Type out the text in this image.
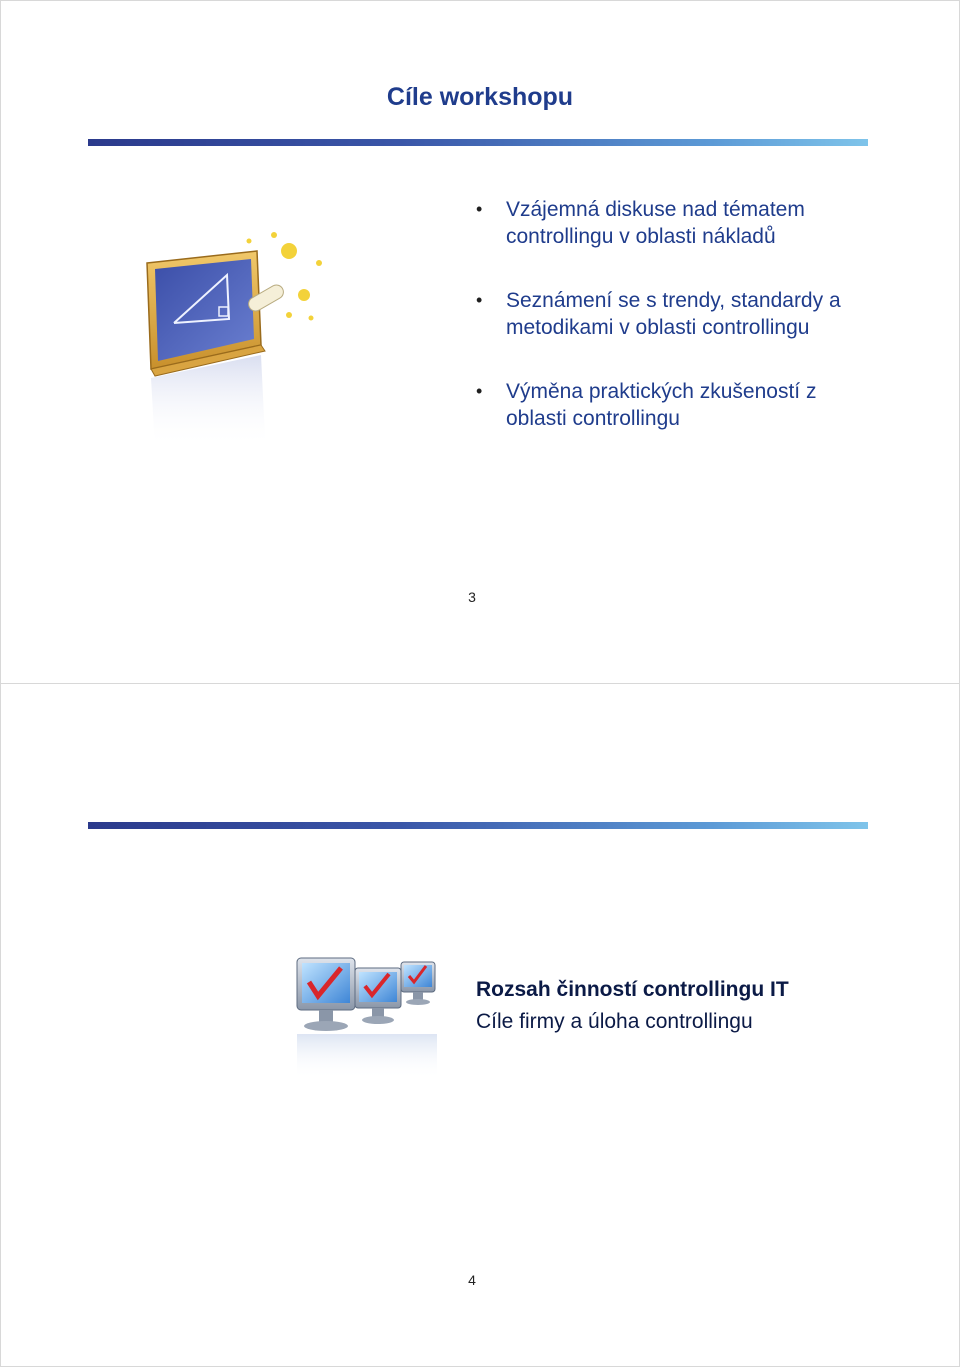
Cíle workshopu
• Vzájemná diskuse nad tématem
controllingu v oblasti nákladů
• Seznámení se s trendy, standardy a
metodikami v oblasti controllingu
• Výměna praktických zkušeností z
oblasti controllingu
3
Rozsah činností controllingu IT
Cíle firmy a úloha controllingu
4
